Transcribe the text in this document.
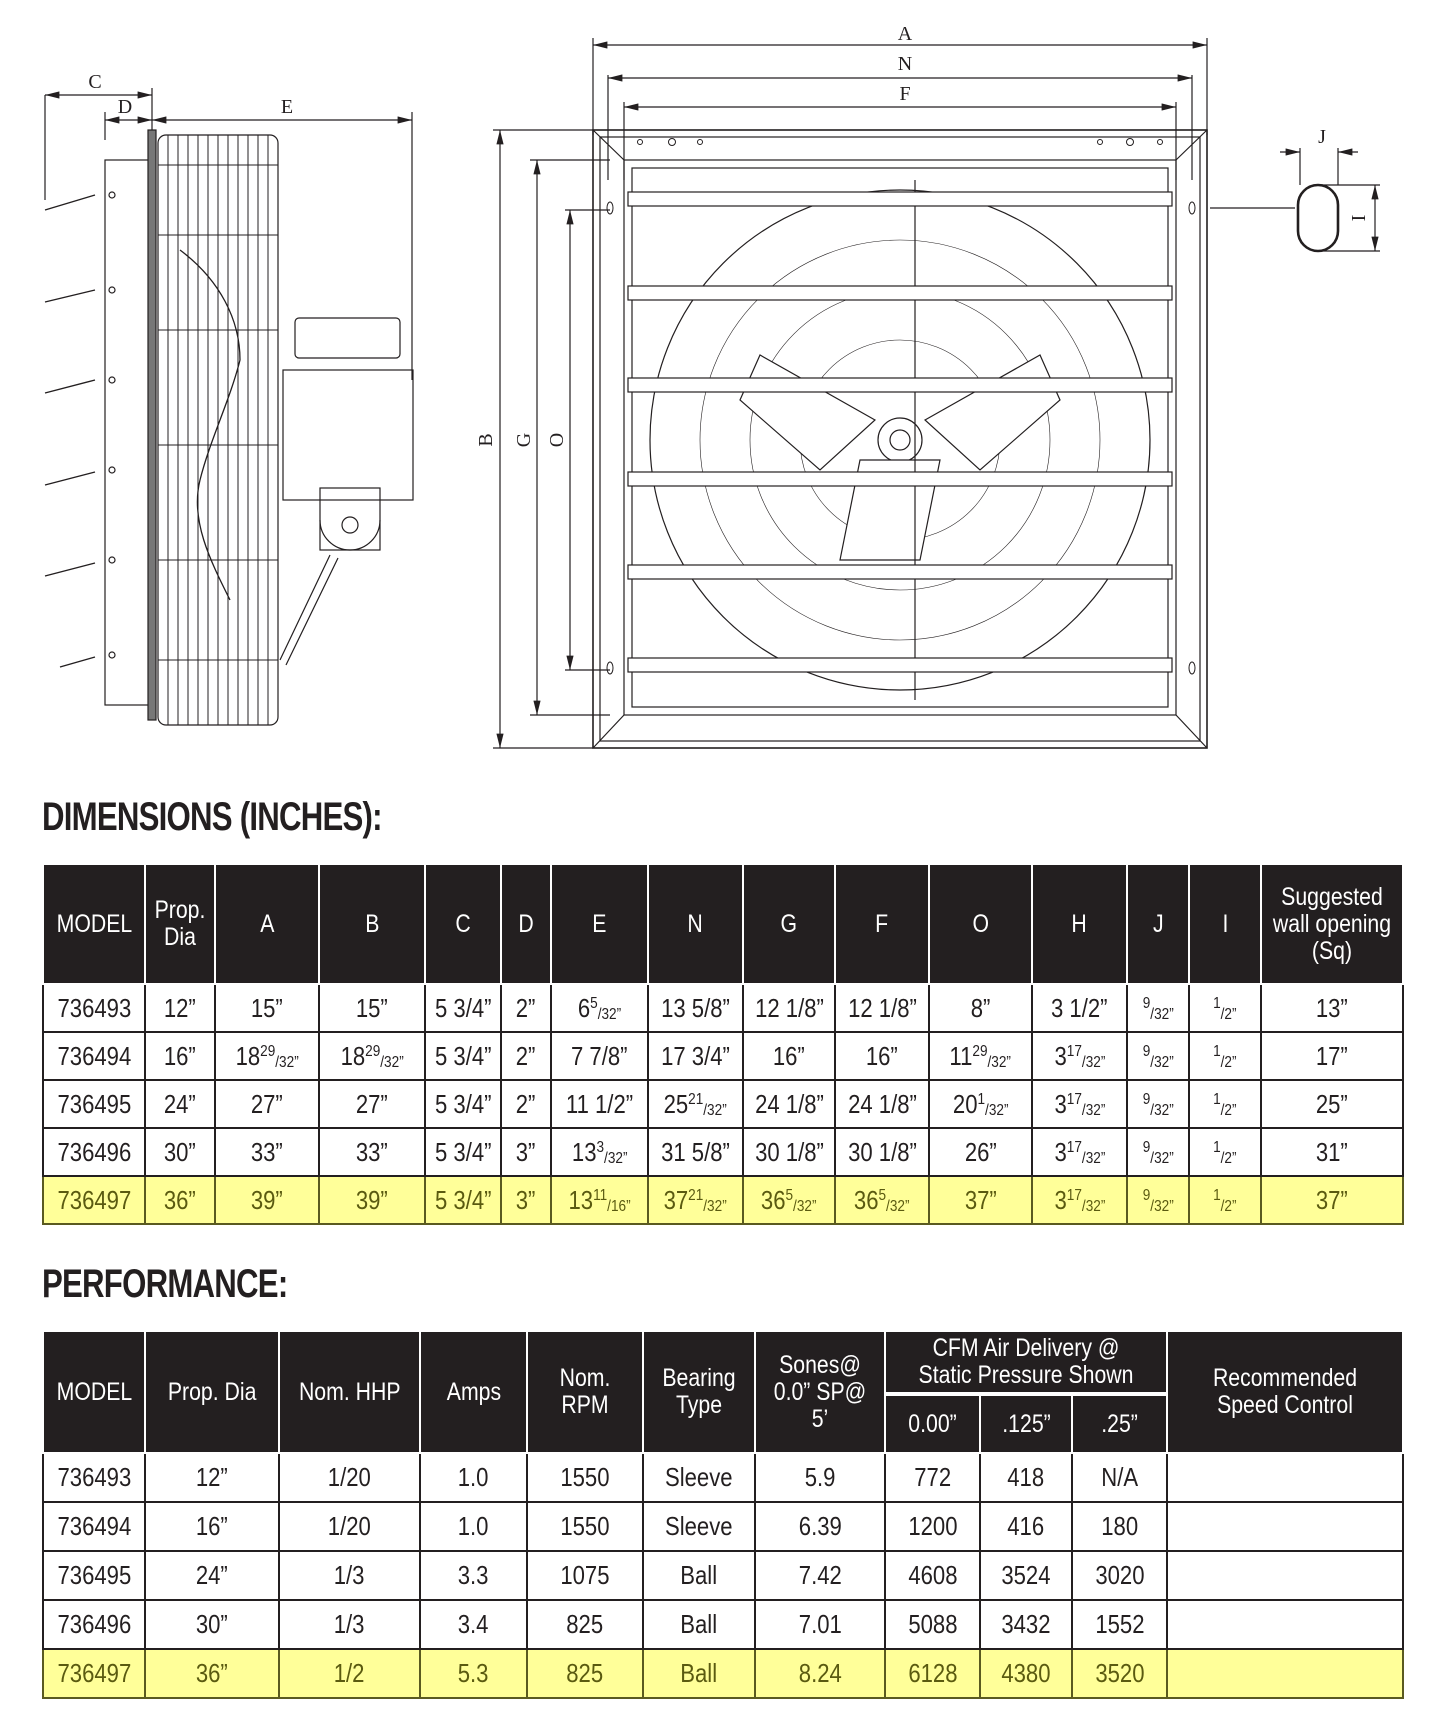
C
D	E
A
N
F
B G O
J
I
DIMENSIONS (INCHES):
MODEL	Prop. Dia	A	B	C	D	E	N	G	F	O	H	J	I	Suggested wall opening (Sq)
736493	12”	15”	15”	5 3/4”	2”	$6^5_{/32”}$	13 5/8”	12 1/8”	12 1/8”	8”	3 1/2”	$^9_{/32”}$	$^1_{/2”}$	13”
736494	16”	$18^{29}_{/32”}$	$18^{29}_{/32”}$	5 3/4”	2”	7 7/8”	17 3/4”	16”	16”	$11^{29}_{/32”}$	$3^{17}_{/32”}$	$^9_{/32”}$	$^1_{/2”}$	17”
736495	24”	27”	27”	5 3/4”	2”	11 1/2”	$25^{21}_{/32”}$	24 1/8”	24 1/8”	$20^1_{/32”}$	$3^{17}_{/32”}$	$^9_{/32”}$	$^1_{/2”}$	25”
736496	30”	33”	33”	5 3/4”	3”	$13^3_{/32”}$	31 5/8”	30 1/8”	30 1/8”	26”	$3^{17}_{/32”}$	$^9_{/32”}$	$^1_{/2”}$	31”
736497	36”	39”	39”	5 3/4”	3”	$13^{11}_{/16”}$	$37^{21}_{/32”}$	$36^5_{/32”}$	$36^5_{/32”}$	37”	$3^{17}_{/32”}$	$^9_{/32”}$	$^1_{/2”}$	37”
PERFORMANCE:
MODEL	Prop. Dia	Nom. HHP	Amps	Nom. RPM	Bearing Type	Sones@ 0.0” SP@ 5’	CFM Air Delivery @ Static Pressure Shown			Recommended Speed Control
							0.00”	.125”	.25”	
736493	12”	1/20	1.0	1550	Sleeve	5.9	772	418	N/A	
736494	16”	1/20	1.0	1550	Sleeve	6.39	1200	416	180	
736495	24”	1/3	3.3	1075	Ball	7.42	4608	3524	3020	
736496	30”	1/3	3.4	825	Ball	7.01	5088	3432	1552	
736497	36”	1/2	5.3	825	Ball	8.24	6128	4380	3520	
